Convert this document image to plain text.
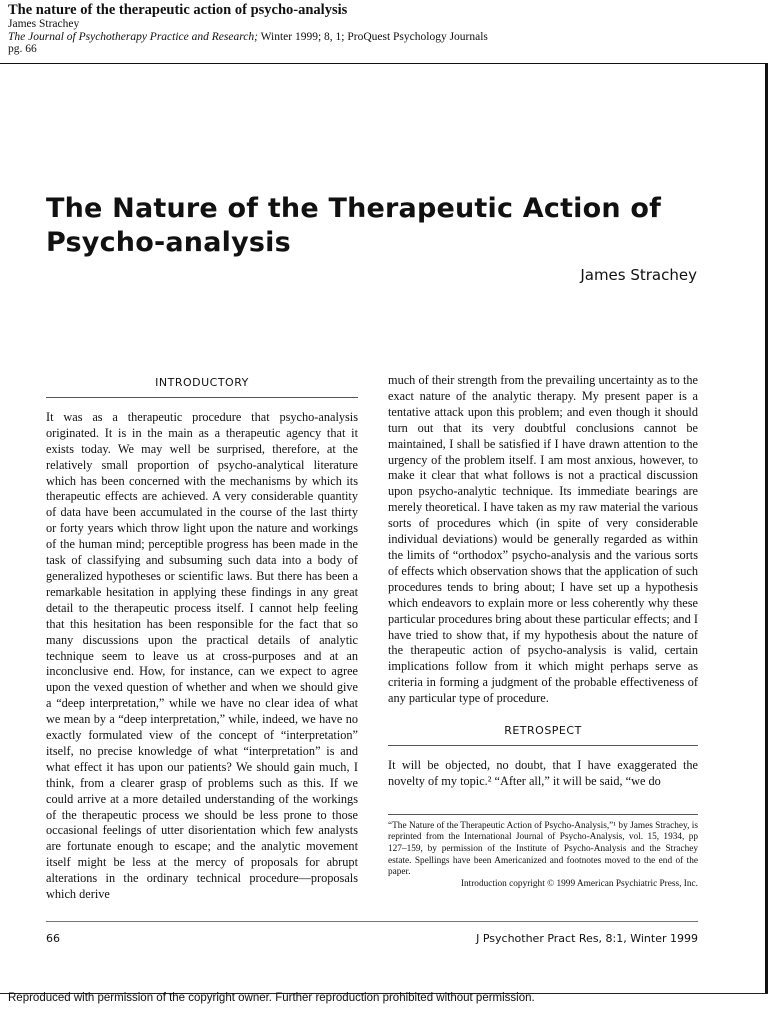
The nature of the therapeutic action of psycho-analysis
James Strachey
The Journal of Psychotherapy Practice and Research; Winter 1999; 8, 1; ProQuest Psychology Journals
pg. 66
The Nature of the Therapeutic Action of Psycho-analysis
James Strachey
INTRODUCTORY

It was as a therapeutic procedure that psycho-analysis originated. It is in the main as a therapeutic agency that it exists today. We may well be surprised, therefore, at the relatively small proportion of psycho-analytical literature which has been concerned with the mechanisms by which its therapeutic effects are achieved. A very considerable quantity of data have been accumulated in the course of the last thirty or forty years which throw light upon the nature and workings of the human mind; perceptible progress has been made in the task of classifying and subsuming such data into a body of generalized hypotheses or scientific laws. But there has been a remarkable hesitation in applying these findings in any great detail to the therapeutic process itself. I cannot help feeling that this hesitation has been responsible for the fact that so many discussions upon the practical details of analytic technique seem to leave us at cross-purposes and at an inconclusive end. How, for instance, can we expect to agree upon the vexed question of whether and when we should give a “deep interpretation,” while we have no clear idea of what we mean by a “deep interpretation,” while, indeed, we have no exactly formulated view of the concept of “interpretation” itself, no precise knowledge of what “interpretation” is and what effect it has upon our patients? We should gain much, I think, from a clearer grasp of problems such as this. If we could arrive at a more detailed understanding of the workings of the therapeutic process we should be less prone to those occasional feelings of utter disorientation which few analysts are fortunate enough to escape; and the analytic movement itself might be less at the mercy of proposals for abrupt alterations in the ordinary technical procedure—proposals which derive

much of their strength from the prevailing uncertainty as to the exact nature of the analytic therapy. My present paper is a tentative attack upon this problem; and even though it should turn out that its very doubtful conclusions cannot be maintained, I shall be satisfied if I have drawn attention to the urgency of the problem itself. I am most anxious, however, to make it clear that what follows is not a practical discussion upon psycho-analytic technique. Its immediate bearings are merely theoretical. I have taken as my raw material the various sorts of procedures which (in spite of very considerable individual deviations) would be generally regarded as within the limits of “orthodox” psycho-analysis and the various sorts of effects which observation shows that the application of such procedures tends to bring about; I have set up a hypothesis which endeavors to explain more or less coherently why these particular procedures bring about these particular effects; and I have tried to show that, if my hypothesis about the nature of the therapeutic action of psycho-analysis is valid, certain implications follow from it which might perhaps serve as criteria in forming a judgment of the probable effectiveness of any particular type of procedure.

RETROSPECT

It will be objected, no doubt, that I have exaggerated the novelty of my topic.² “After all,” it will be said, “we do

“The Nature of the Therapeutic Action of Psycho-Analysis,”¹ by James Strachey, is reprinted from the International Journal of Psycho-Analysis, vol. 15, 1934, pp 127–159, by permission of the Institute of Psycho-Analysis and the Strachey estate. Spellings have been Americanized and footnotes moved to the end of the paper.
Introduction copyright © 1999 American Psychiatric Press, Inc.
66	J Psychother Pract Res, 8:1, Winter 1999
Reproduced with permission of the copyright owner. Further reproduction prohibited without permission.
